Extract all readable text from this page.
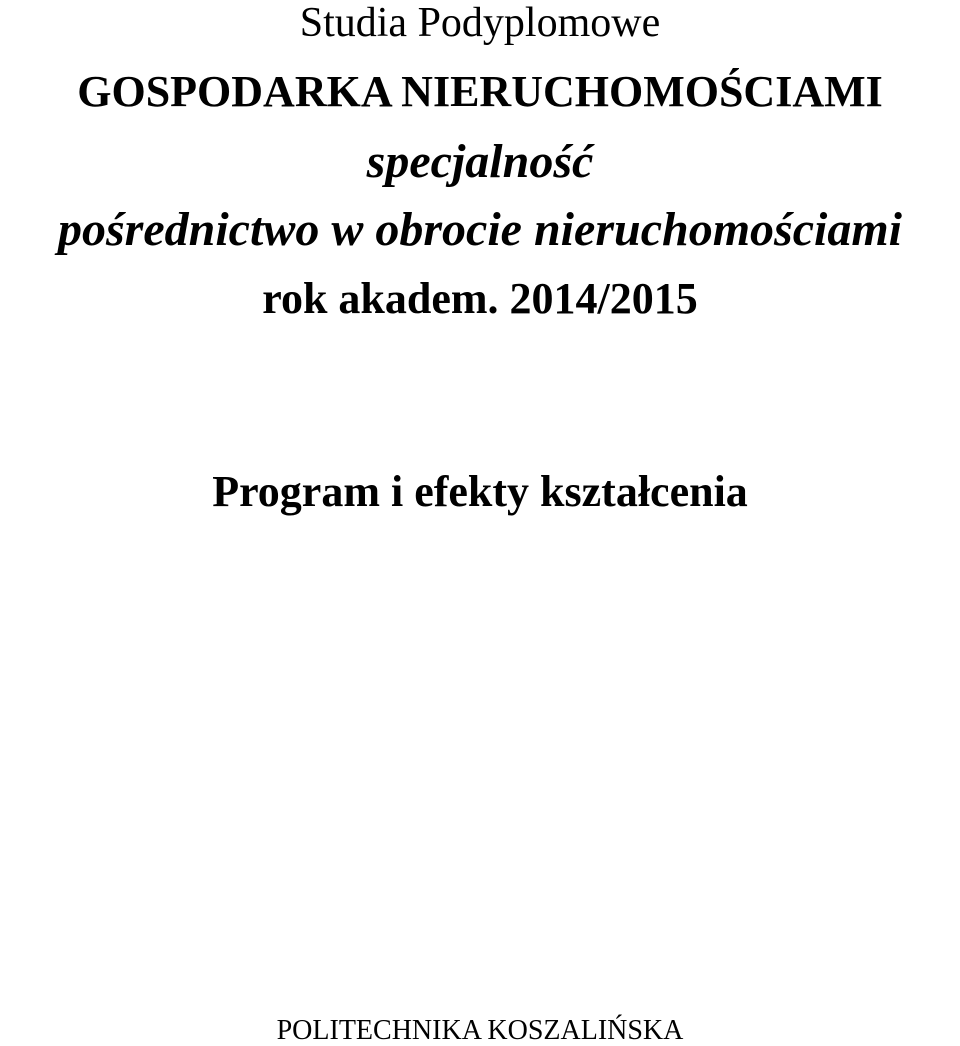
Studia Podyplomowe
GOSPODARKA NIERUCHOMOŚCIAMI
specjalność
pośrednictwo w obrocie nieruchomościami
rok akadem. 2014/2015
Program i efekty kształcenia
POLITECHNIKA KOSZALIŃSKA
